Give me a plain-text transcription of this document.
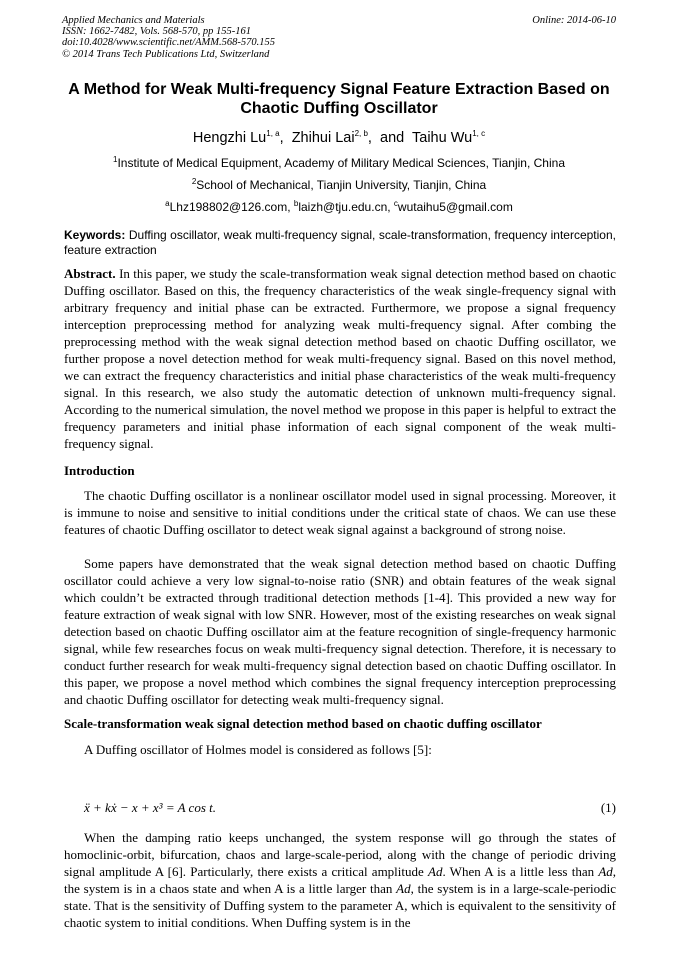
Applied Mechanics and Materials
ISSN: 1662-7482, Vols. 568-570, pp 155-161
doi:10.4028/www.scientific.net/AMM.568-570.155
© 2014 Trans Tech Publications Ltd, Switzerland
Online: 2014-06-10
A Method for Weak Multi-frequency Signal Feature Extraction Based on Chaotic Duffing Oscillator
Hengzhi Lu$^{1, a}$,  Zhihui Lai$^{2, b}$,  and Taihu Wu$^{1, c}$
$^1$Institute of Medical Equipment, Academy of Military Medical Sciences, Tianjin, China
$^2$School of Mechanical, Tianjin University, Tianjin, China
$^a$Lhz198802@126.com, $^b$laizh@tju.edu.cn, $^c$wutaihu5@gmail.com
Keywords: Duffing oscillator, weak multi-frequency signal, scale-transformation, frequency interception, feature extraction
Abstract. In this paper, we study the scale-transformation weak signal detection method based on chaotic Duffing oscillator. Based on this, the frequency characteristics of the weak single-frequency signal with arbitrary frequency and initial phase can be extracted. Furthermore, we propose a signal frequency interception preprocessing method for analyzing weak multi-frequency signal. After combing the preprocessing method with the weak signal detection method based on chaotic Duffing oscillator, we further propose a novel detection method for weak multi-frequency signal. Based on this novel method, we can extract the frequency characteristics and initial phase characteristics of the weak multi-frequency signal. In this research, we also study the automatic detection of unknown multi-frequency signal. According to the numerical simulation, the novel method we propose in this paper is helpful to extract the frequency parameters and initial phase information of each signal component of the weak multi-frequency signal.
Introduction
The chaotic Duffing oscillator is a nonlinear oscillator model used in signal processing. Moreover, it is immune to noise and sensitive to initial conditions under the critical state of chaos. We can use these features of chaotic Duffing oscillator to detect weak signal against a background of strong noise.
Some papers have demonstrated that the weak signal detection method based on chaotic Duffing oscillator could achieve a very low signal-to-noise ratio (SNR) and obtain features of the weak signal which couldn’t be extracted through traditional detection methods [1-4]. This provided a new way for feature extraction of weak signal with low SNR. However, most of the existing researches on weak signal detection based on chaotic Duffing oscillator aim at the feature recognition of single-frequency harmonic signal, while few researches focus on weak multi-frequency signal detection. Therefore, it is necessary to conduct further research for weak multi-frequency signal detection based on chaotic Duffing oscillator. In this paper, we propose a novel method which combines the signal frequency interception preprocessing and chaotic Duffing oscillator for detecting weak multi-frequency signal.
Scale-transformation weak signal detection method based on chaotic duffing oscillator
A Duffing oscillator of Holmes model is considered as follows [5]:
ẍ + kẋ − x + x³ = A cos t.	(1)
When the damping ratio keeps unchanged, the system response will go through the states of homoclinic-orbit, bifurcation, chaos and large-scale-period, along with the change of periodic driving signal amplitude A [6]. Particularly, there exists a critical amplitude Ad. When A is a little less than Ad, the system is in a chaos state and when A is a little larger than Ad, the system is in a large-scale-periodic state. That is the sensitivity of Duffing system to the parameter A, which is equivalent to the sensitivity of chaotic system to initial conditions. When Duffing system is in the
